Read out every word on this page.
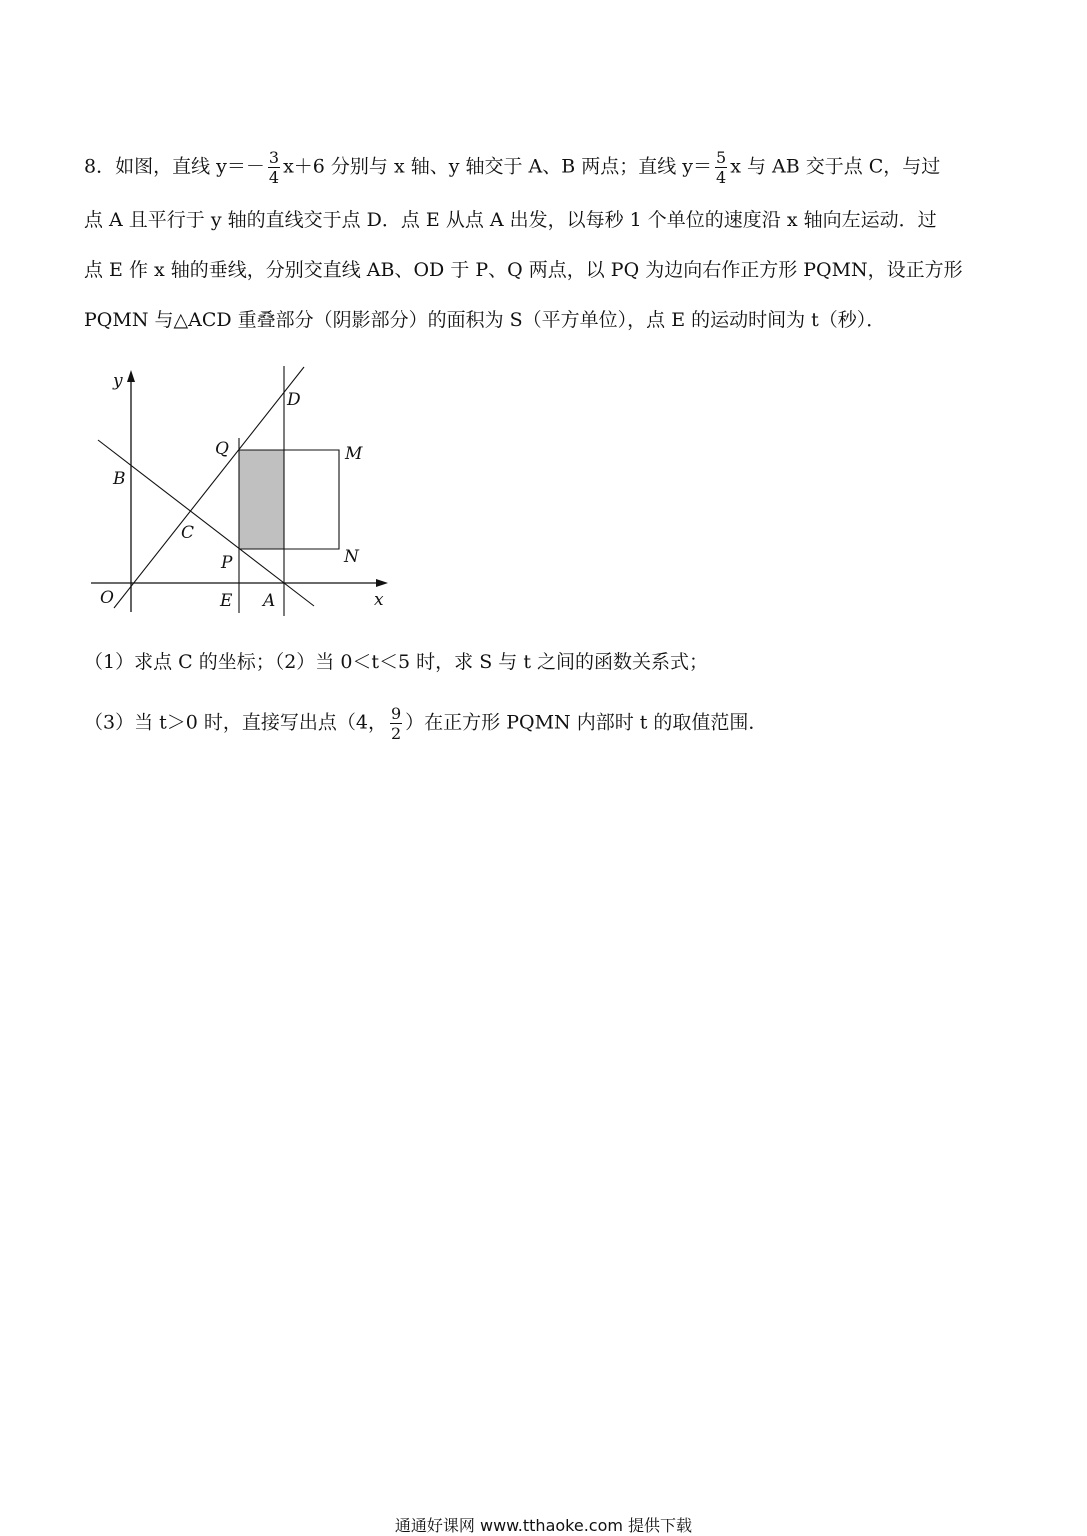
8．如图，直线 $y=- \frac{3}{4} x+6$ 分别与 x 轴、y 轴交于 A、B 两点；直线 $y= \frac{5}{4}$ x 与 AB 交于点 C，与过
点 A 且平行于 y 轴的直线交于点 D．点 E 从点 A 出发，以每秒 1 个单位的速度沿 x 轴向左运动．过
点 E 作 x 轴的垂线，分别交直线 AB、OD 于 P、Q 两点，以 PQ 为边向右作正方形 PQMN，设正方形
PQMN 与△ACD 重叠部分（阴影部分）的面积为 S（平方单位），点 E 的运动时间为 t（秒）．
y
x
O
B
C
D
Q	M
P	N
E A
（1）求点 C 的坐标；（2）当 0＜t＜5 时，求 S 与 t 之间的函数关系式；
（3）当 t＞0 时，直接写出点（4， $\frac{9}{2}$ ）在正方形 PQMN 内部时 t 的取值范围．
通通好课网 www.tthaoke.com 提供下载
